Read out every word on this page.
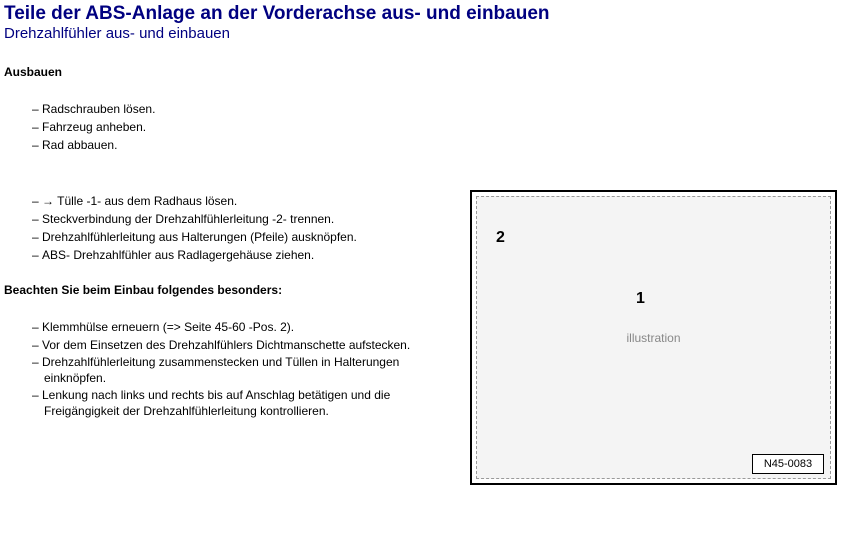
Teile der ABS-Anlage an der Vorderachse aus- und einbauen
Drehzahlfühler aus- und einbauen
Ausbauen
– Radschrauben lösen.
– Fahrzeug anheben.
– Rad abbauen.
– → Tülle -1- aus dem Radhaus lösen.
– Steckverbindung der Drehzahlfühlerleitung -2- trennen.
– Drehzahlfühlerleitung aus Halterungen (Pfeile) ausknöpfen.
– ABS- Drehzahlfühler aus Radlagergehäuse ziehen.
Beachten Sie beim Einbau folgendes besonders:
– Klemmhülse erneuern (=> Seite 45-60 -Pos. 2).
– Vor dem Einsetzen des Drehzahlfühlers Dichtmanschette aufstecken.
– Drehzahlfühlerleitung zusammenstecken und Tüllen in Halterungen
einknöpfen.
– Lenkung nach links und rechts bis auf Anschlag betätigen und die
Freigängigkeit der Drehzahlfühlerleitung kontrollieren.
illustration
2
1
N45-0083
